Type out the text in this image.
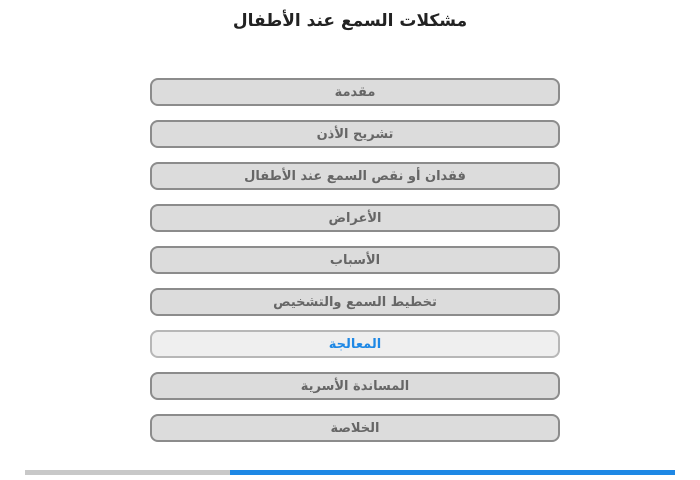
مشكلات السمع عند الأطفال
مقدمة
تشريح الأذن
فقدان أو نقص السمع عند الأطفال
الأعراض
الأسباب
تخطيط السمع والتشخيص
المعالجة
المساندة الأسرية
الخلاصة
